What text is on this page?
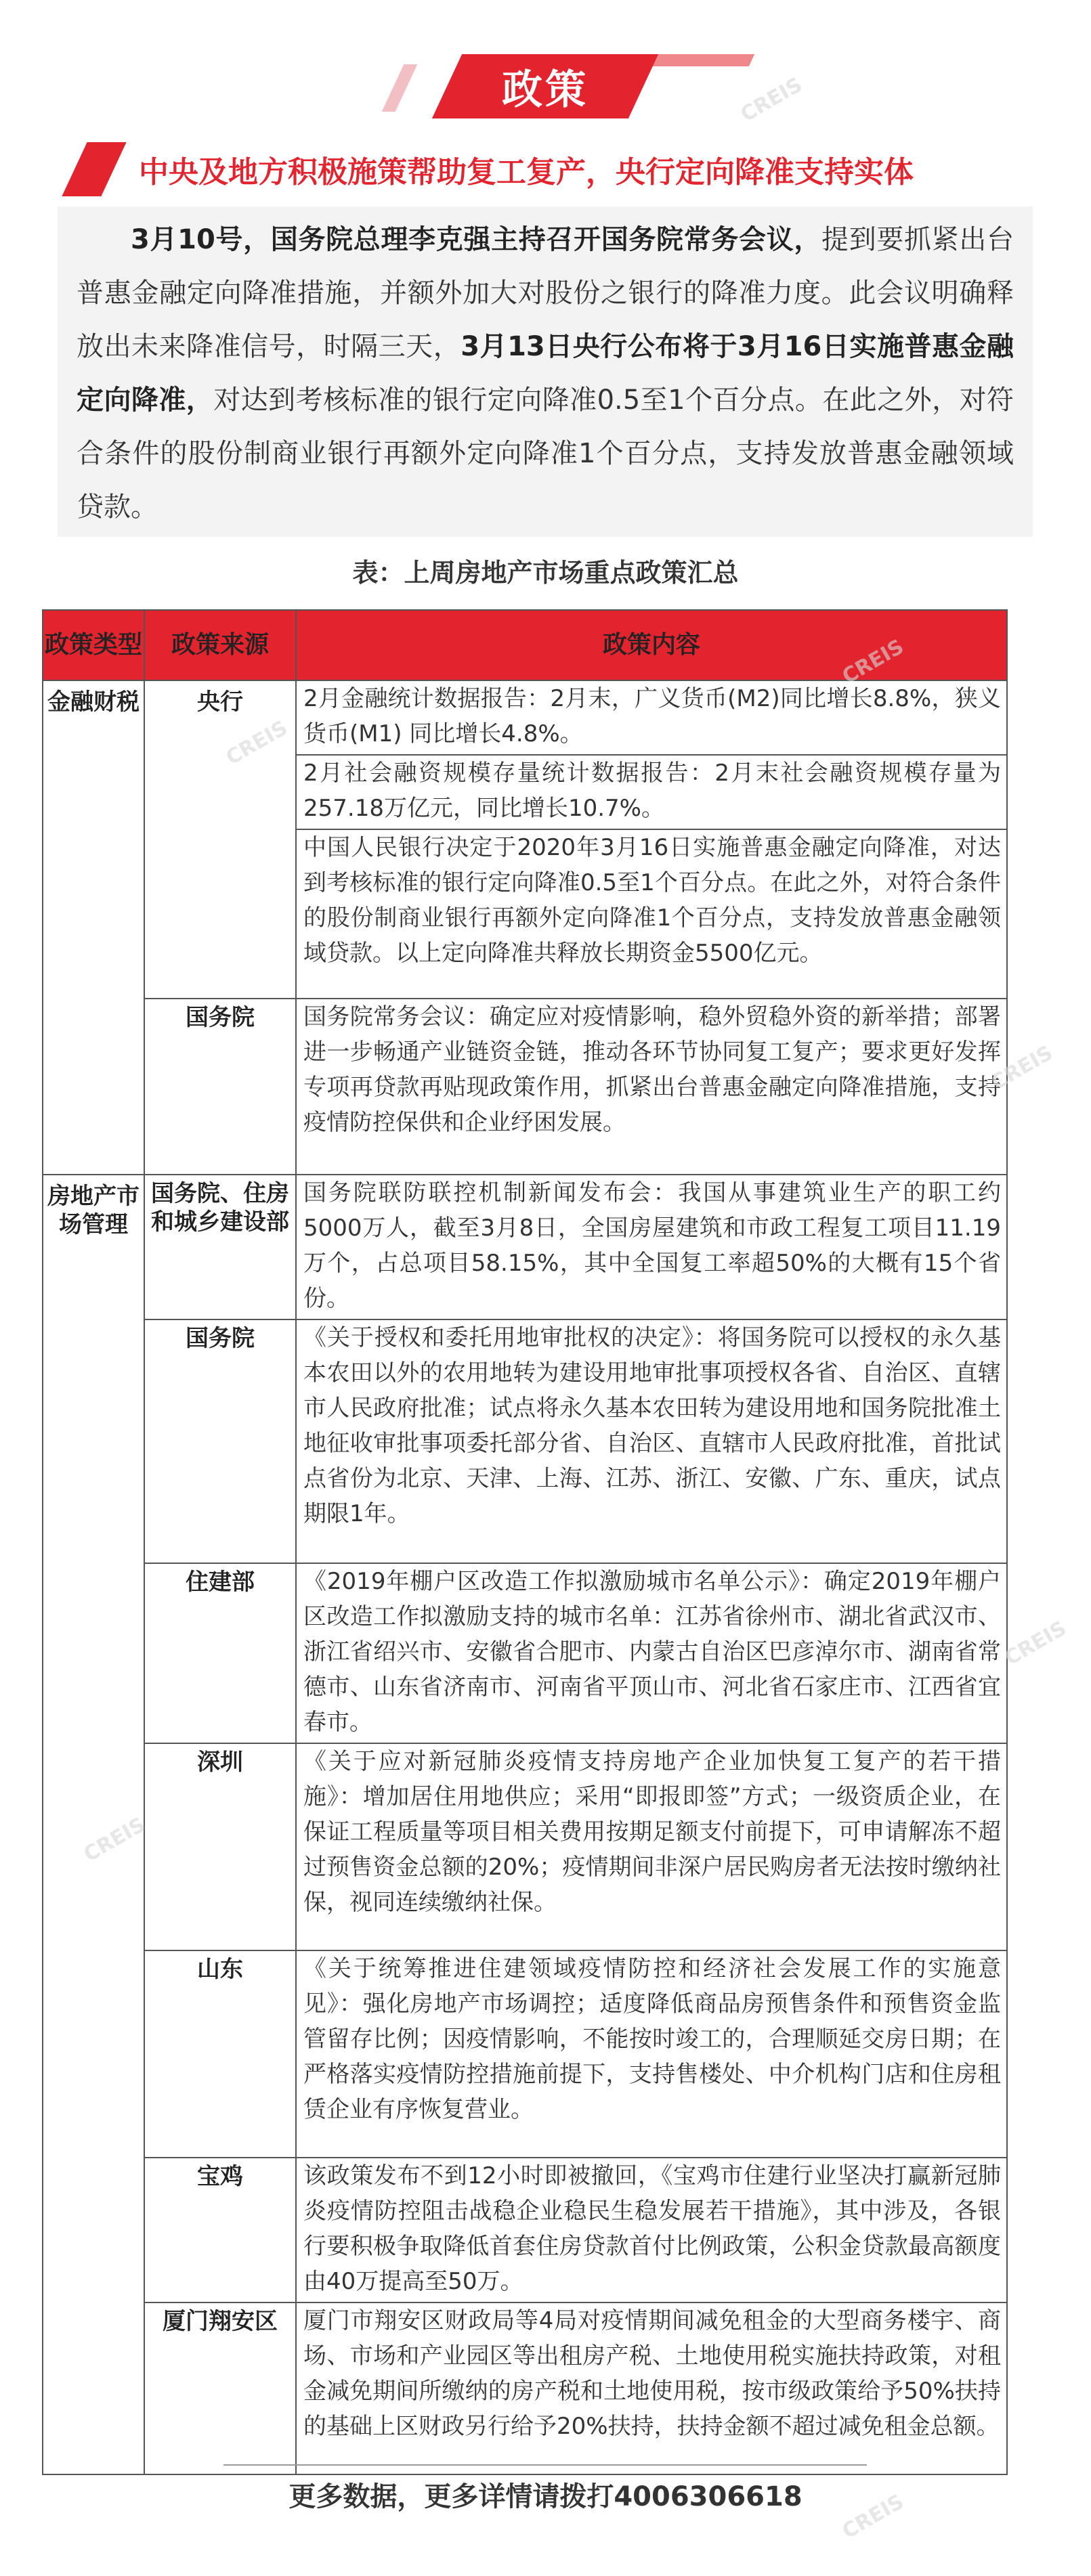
政策
中央及地方积极施策帮助复工复产，央行定向降准支持实体

3月10号，国务院总理李克强主持召开国务院常务会议，提到要抓紧出台普惠金融定向降准措施，并额外加大对股份之银行的降准力度。此会议明确释放出未来降准信号，时隔三天，3月13日央行公布将于3月16日实施普惠金融定向降准，对达到考核标准的银行定向降准0.5至1个百分点。在此之外，对符合条件的股份制商业银行再额外定向降准1个百分点，支持发放普惠金融领域贷款。

表：上周房地产市场重点政策汇总
政策类型	政策来源	政策内容
金融财税	央行	2月金融统计数据报告：2月末，广义货币(M2)同比增长8.8%，狭义货币(M1) 同比增长4.8%。
		2月社会融资规模存量统计数据报告：2月末社会融资规模存量为257.18万亿元，同比增长10.7%。
		中国人民银行决定于2020年3月16日实施普惠金融定向降准，对达到考核标准的银行定向降准0.5至1个百分点。在此之外，对符合条件的股份制商业银行再额外定向降准1个百分点，支持发放普惠金融领域贷款。以上定向降准共释放长期资金5500亿元。
	国务院	国务院常务会议：确定应对疫情影响，稳外贸稳外资的新举措；部署进一步畅通产业链资金链，推动各环节协同复工复产；要求更好发挥专项再贷款再贴现政策作用，抓紧出台普惠金融定向降准措施，支持疫情防控保供和企业纾困发展。
房地产市场管理	国务院、住房和城乡建设部	国务院联防联控机制新闻发布会：我国从事建筑业生产的职工约5000万人，截至3月8日，全国房屋建筑和市政工程复工项目11.19万个，占总项目58.15%，其中全国复工率超50%的大概有15个省份。
	国务院	《关于授权和委托用地审批权的决定》：将国务院可以授权的永久基本农田以外的农用地转为建设用地审批事项授权各省、自治区、直辖市人民政府批准；试点将永久基本农田转为建设用地和国务院批准土地征收审批事项委托部分省、自治区、直辖市人民政府批准，首批试点省份为北京、天津、上海、江苏、浙江、安徽、广东、重庆，试点期限1年。
	住建部	《2019年棚户区改造工作拟激励城市名单公示》：确定2019年棚户区改造工作拟激励支持的城市名单：江苏省徐州市、湖北省武汉市、浙江省绍兴市、安徽省合肥市、内蒙古自治区巴彦淖尔市、湖南省常德市、山东省济南市、河南省平顶山市、河北省石家庄市、江西省宜春市。
	深圳	《关于应对新冠肺炎疫情支持房地产企业加快复工复产的若干措施》：增加居住用地供应；采用“即报即签”方式；一级资质企业，在保证工程质量等项目相关费用按期足额支付前提下，可申请解冻不超过预售资金总额的20%；疫情期间非深户居民购房者无法按时缴纳社保，视同连续缴纳社保。
	山东	《关于统筹推进住建领域疫情防控和经济社会发展工作的实施意见》：强化房地产市场调控；适度降低商品房预售条件和预售资金监管留存比例；因疫情影响，不能按时竣工的，合理顺延交房日期；在严格落实疫情防控措施前提下，支持售楼处、中介机构门店和住房租赁企业有序恢复营业。
	宝鸡	该政策发布不到12小时即被撤回，《宝鸡市住建行业坚决打赢新冠肺炎疫情防控阻击战稳企业稳民生稳发展若干措施》，其中涉及，各银行要积极争取降低首套住房贷款首付比例政策，公积金贷款最高额度由40万提高至50万。
	厦门翔安区	厦门市翔安区财政局等4局对疫情期间减免租金的大型商务楼宇、商场、市场和产业园区等出租房产税、土地使用税实施扶持政策，对租金减免期间所缴纳的房产税和土地使用税，按市级政策给予50%扶持的基础上区财政另行给予20%扶持，扶持金额不超过减免租金总额。
更多数据，更多详情请拨打4006306618
CREIS
CREIS
CREIS
CREIS
CREIS
CREIS
CREIS
